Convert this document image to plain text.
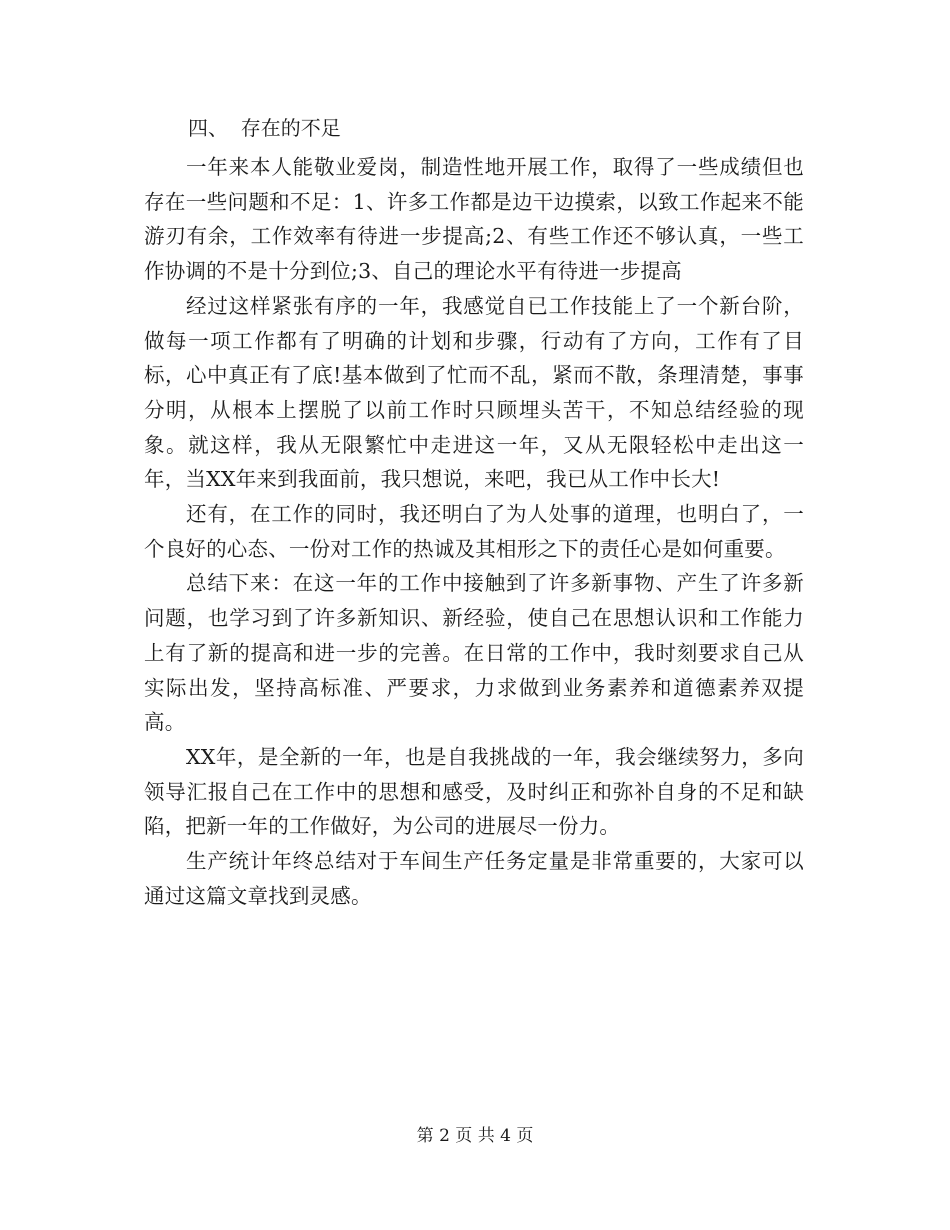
四、  存在的不足

一年来本人能敬业爱岗，制造性地开展工作，取得了一些成绩但也存在一些问题和不足：1、许多工作都是边干边摸索，以致工作起来不能游刃有余，工作效率有待进一步提高;2、有些工作还不够认真，一些工作协调的不是十分到位;3、自己的理论水平有待进一步提高

经过这样紧张有序的一年，我感觉自已工作技能上了一个新台阶，做每一项工作都有了明确的计划和步骤，行动有了方向，工作有了目标，心中真正有了底!基本做到了忙而不乱，紧而不散，条理清楚，事事分明，从根本上摆脱了以前工作时只顾埋头苦干，不知总结经验的现象。就这样，我从无限繁忙中走进这一年，又从无限轻松中走出这一年，当XX年来到我面前，我只想说，来吧，我已从工作中长大!

还有，在工作的同时，我还明白了为人处事的道理，也明白了，一个良好的心态、一份对工作的热诚及其相形之下的责任心是如何重要。

总结下来：在这一年的工作中接触到了许多新事物、产生了许多新问题，也学习到了许多新知识、新经验，使自己在思想认识和工作能力上有了新的提高和进一步的完善。在日常的工作中，我时刻要求自己从实际出发，坚持高标准、严要求，力求做到业务素养和道德素养双提高。

XX年，是全新的一年，也是自我挑战的一年，我会继续努力，多向领导汇报自己在工作中的思想和感受，及时纠正和弥补自身的不足和缺陷，把新一年的工作做好，为公司的进展尽一份力。

生产统计年终总结对于车间生产任务定量是非常重要的，大家可以通过这篇文章找到灵感。

第 2 页 共 4 页
